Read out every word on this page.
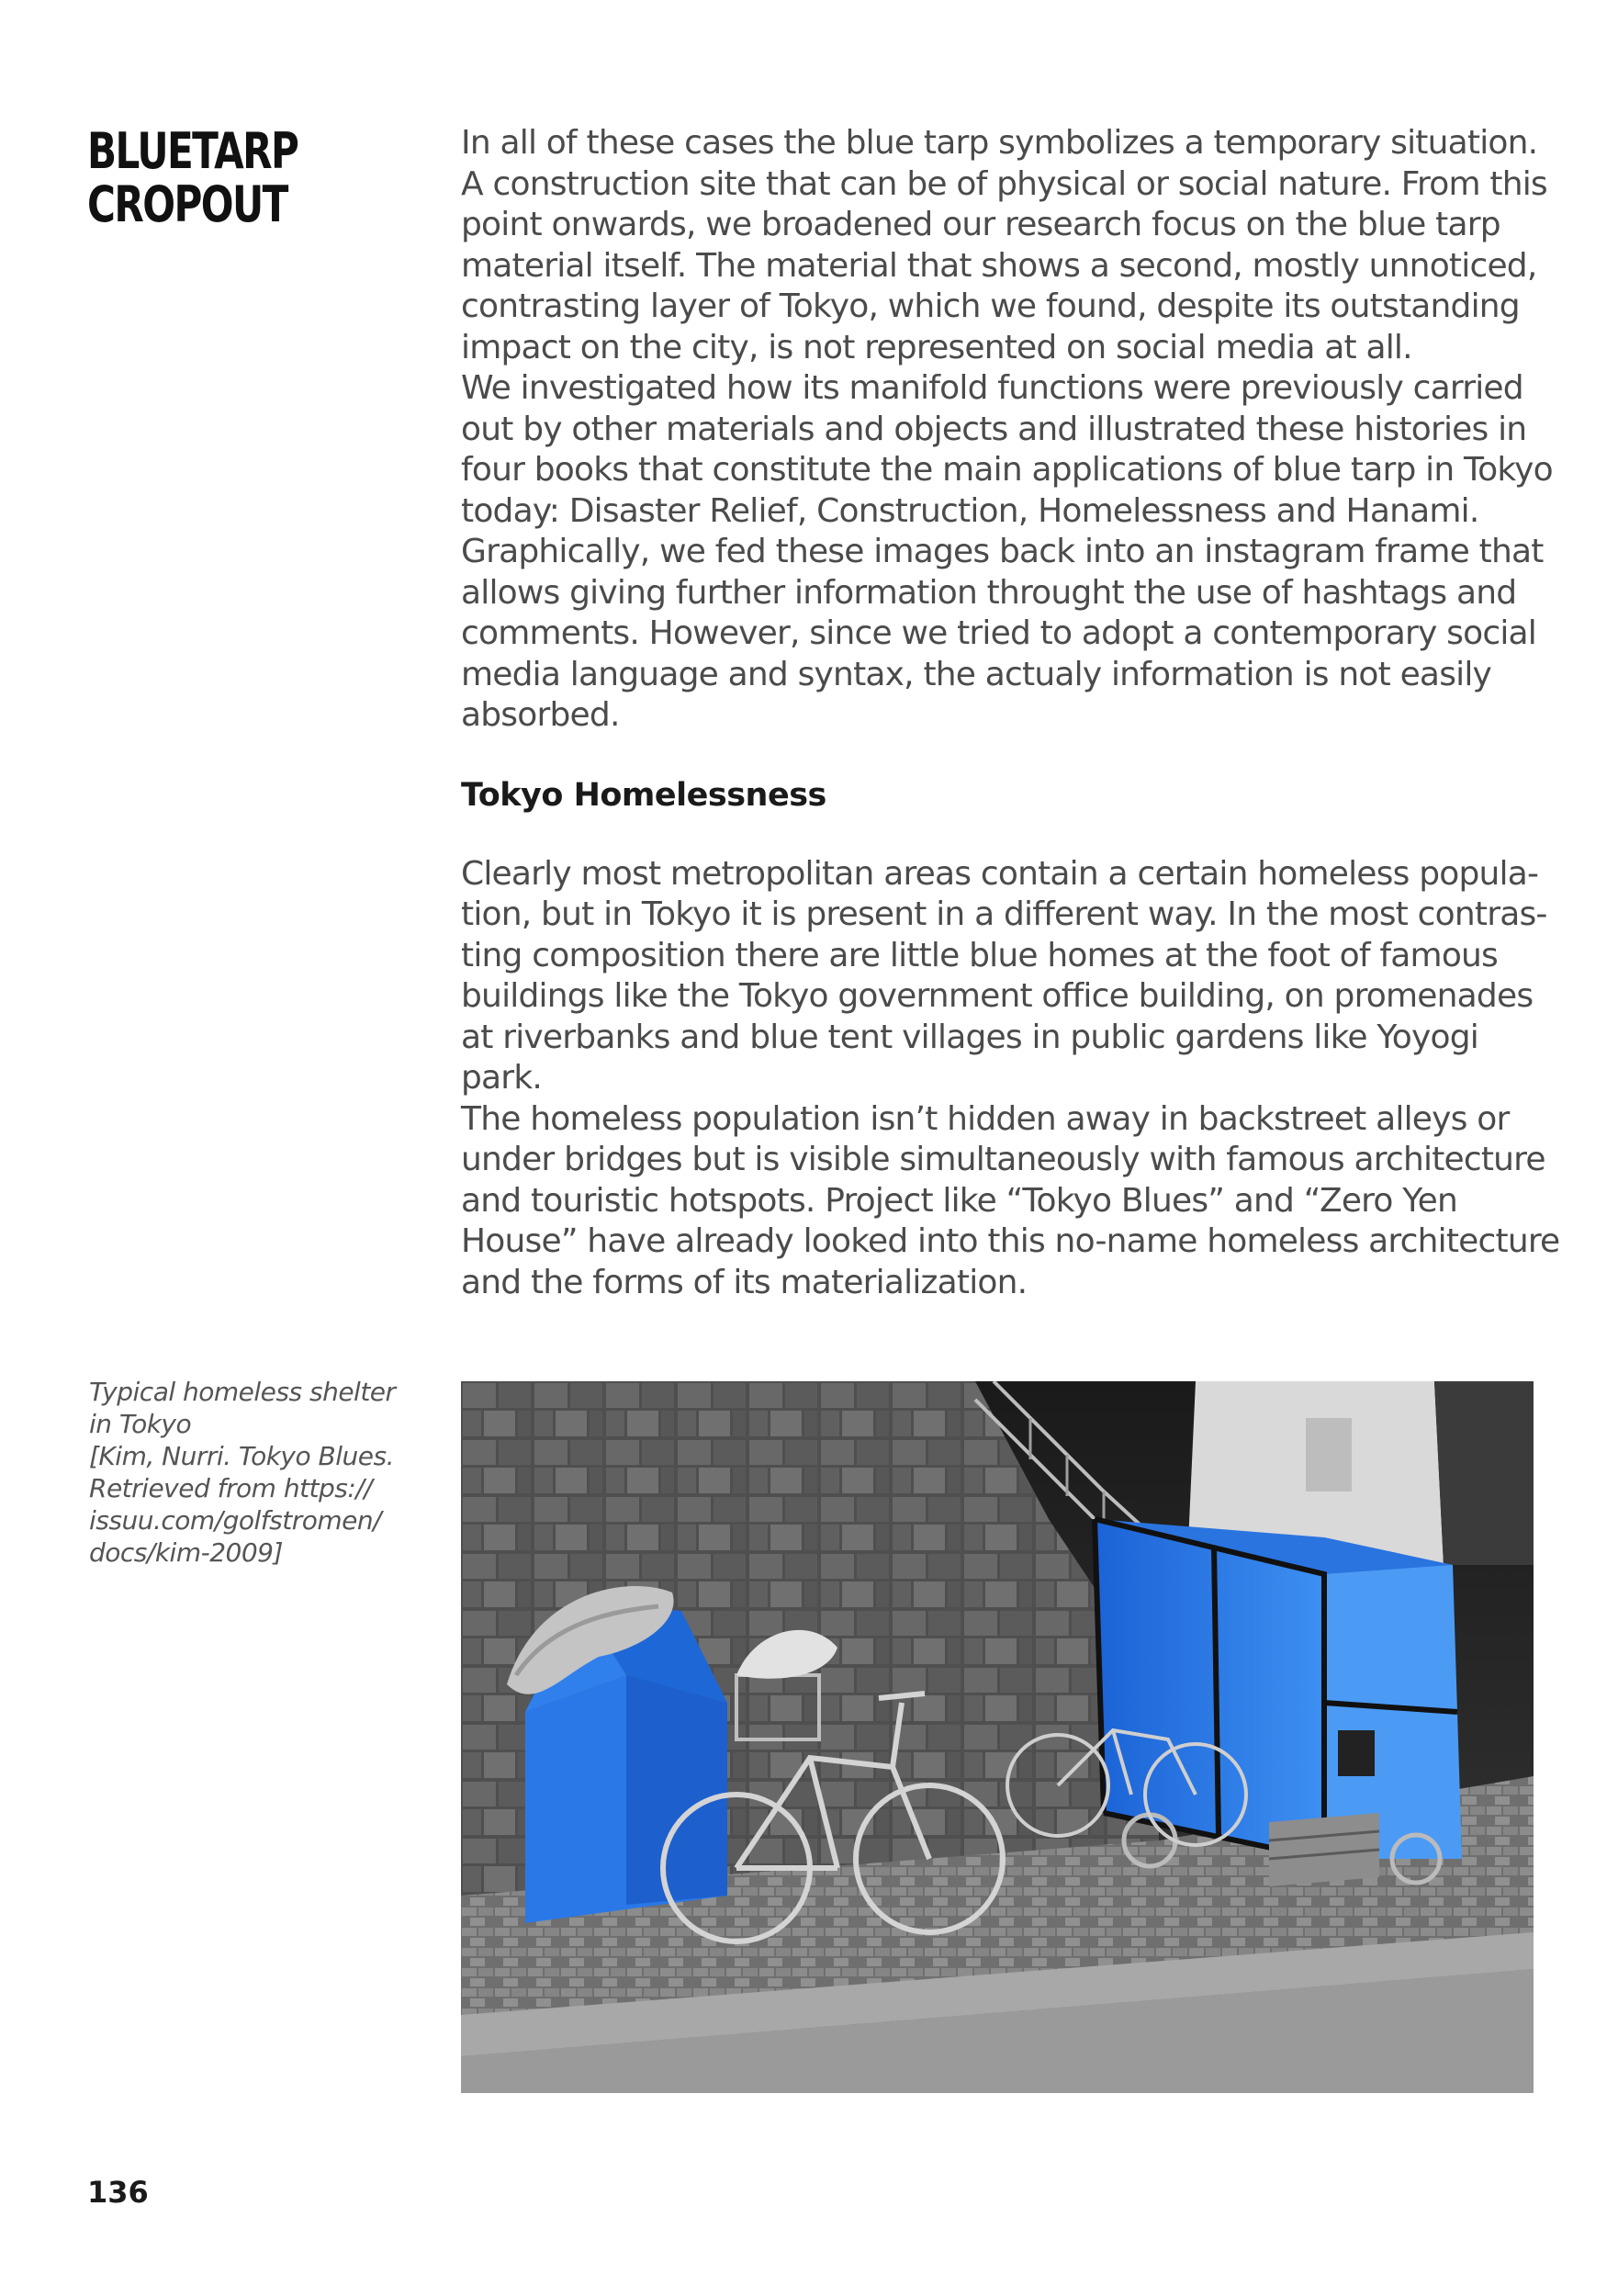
BLUETARP
CROPOUT

In all of these cases the blue tarp symbolizes a temporary situation.
A construction site that can be of physical or social nature. From this
point onwards, we broadened our research focus on the blue tarp
material itself. The material that shows a second, mostly unnoticed,
contrasting layer of Tokyo, which we found, despite its outstanding
impact on the city, is not represented on social media at all.
We investigated how its manifold functions were previously carried
out by other materials and objects and illustrated these histories in
four books that constitute the main applications of blue tarp in Tokyo
today: Disaster Relief, Construction, Homelessness and Hanami.
Graphically, we fed these images back into an instagram frame that
allows giving further information throught the use of hashtags and
comments. However, since we tried to adopt a contemporary social
media language and syntax, the actualy information is not easily
absorbed.

Tokyo Homelessness

Clearly most metropolitan areas contain a certain homeless popula-
tion, but in Tokyo it is present in a different way. In the most contras-
ting composition there are little blue homes at the foot of famous
buildings like the Tokyo government office building, on promenades
at riverbanks and blue tent villages in public gardens like Yoyogi
park.
The homeless population isn’t hidden away in backstreet alleys or
under bridges but is visible simultaneously with famous architecture
and touristic hotspots. Project like “Tokyo Blues” and “Zero Yen
House” have already looked into this no-name homeless architecture
and the forms of its materialization.

Typical homeless shelter
in Tokyo
[Kim, Nurri. Tokyo Blues.
Retrieved from https://
issuu.com/golfstromen/
docs/kim-2009]
136
